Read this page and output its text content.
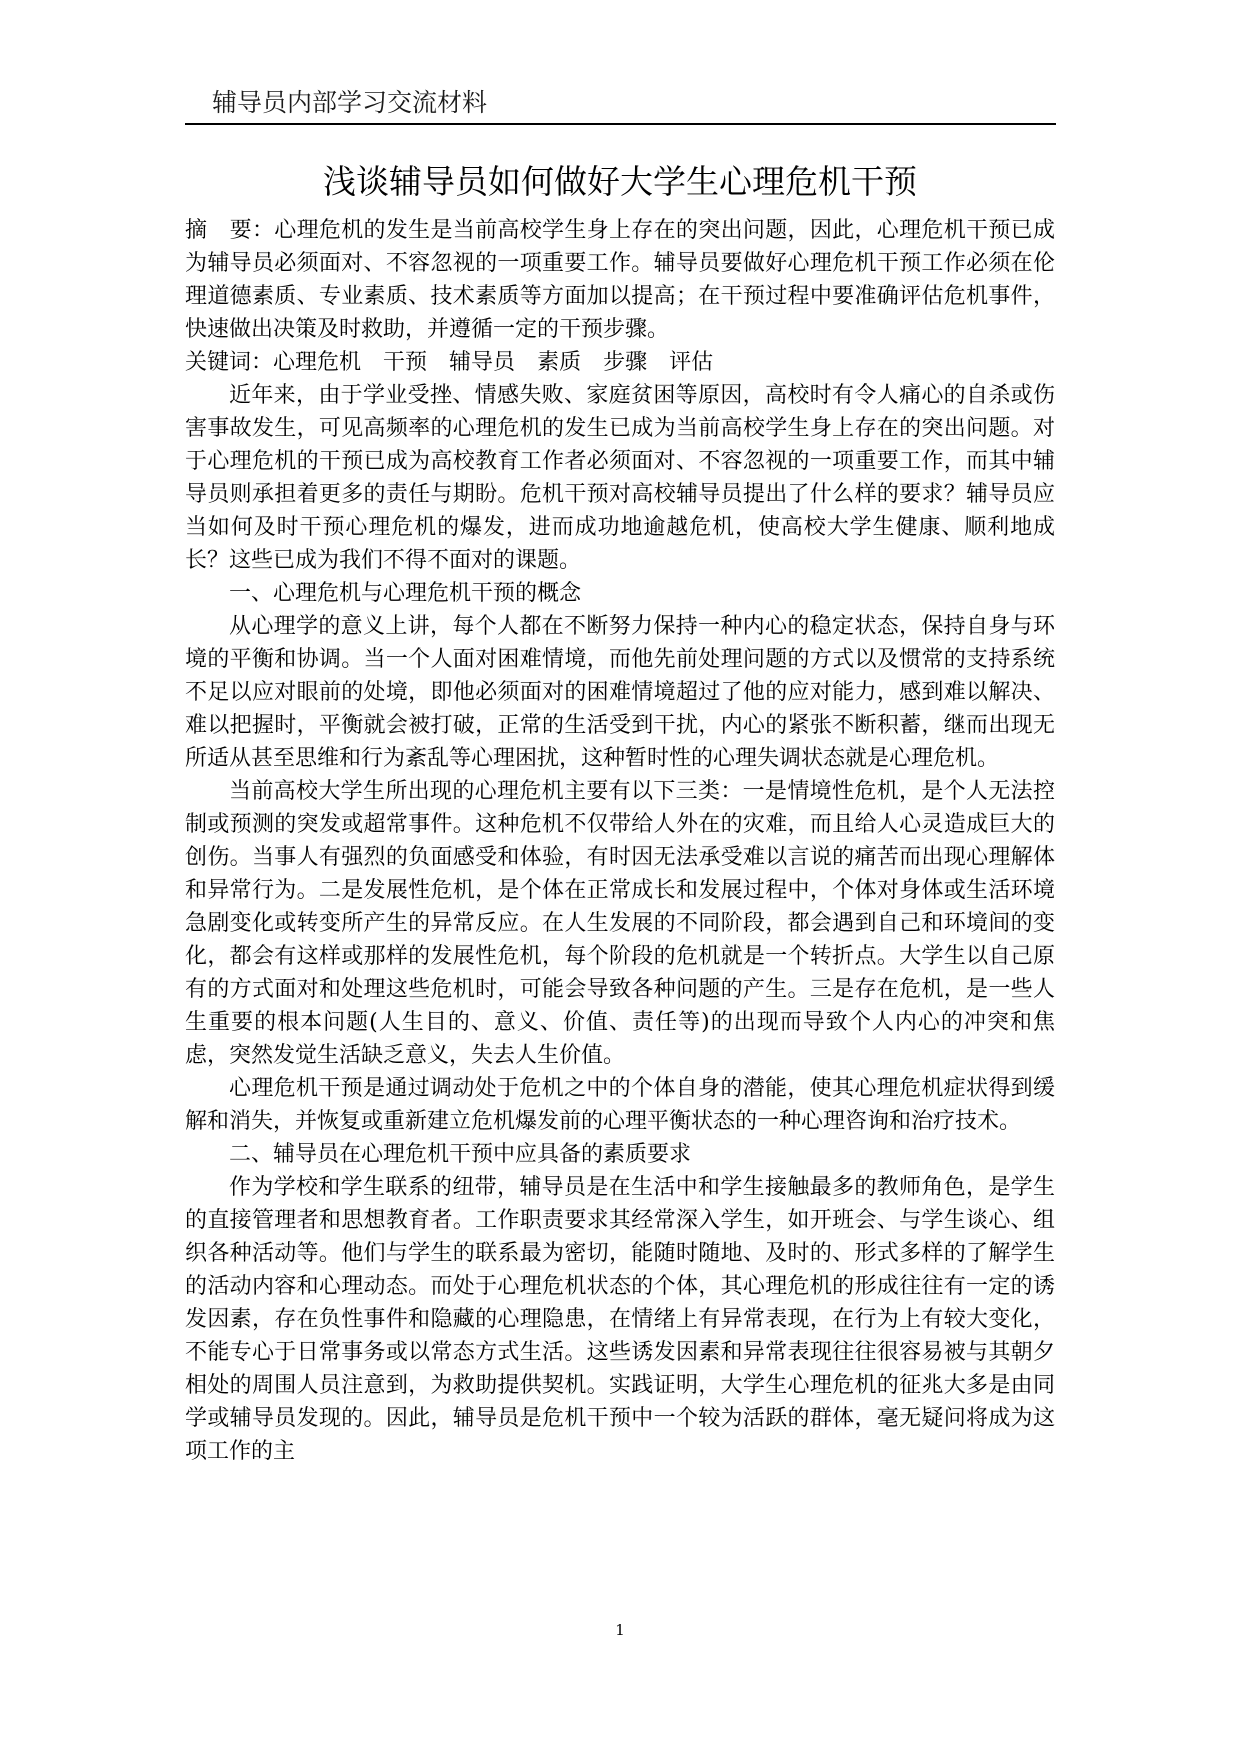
辅导员内部学习交流材料
浅谈辅导员如何做好大学生心理危机干预

摘　要：心理危机的发生是当前高校学生身上存在的突出问题，因此，心理危机干预已成为辅导员必须面对、不容忽视的一项重要工作。辅导员要做好心理危机干预工作必须在伦理道德素质、专业素质、技术素质等方面加以提高；在干预过程中要准确评估危机事件，快速做出决策及时救助，并遵循一定的干预步骤。

关键词：心理危机 干预 辅导员 素质 步骤 评估

近年来，由于学业受挫、情感失败、家庭贫困等原因，高校时有令人痛心的自杀或伤害事故发生，可见高频率的心理危机的发生已成为当前高校学生身上存在的突出问题。对于心理危机的干预已成为高校教育工作者必须面对、不容忽视的一项重要工作，而其中辅导员则承担着更多的责任与期盼。危机干预对高校辅导员提出了什么样的要求？辅导员应当如何及时干预心理危机的爆发，进而成功地逾越危机，使高校大学生健康、顺利地成长？这些已成为我们不得不面对的课题。

一、心理危机与心理危机干预的概念

从心理学的意义上讲，每个人都在不断努力保持一种内心的稳定状态，保持自身与环境的平衡和协调。当一个人面对困难情境，而他先前处理问题的方式以及惯常的支持系统不足以应对眼前的处境，即他必须面对的困难情境超过了他的应对能力，感到难以解决、难以把握时，平衡就会被打破，正常的生活受到干扰，内心的紧张不断积蓄，继而出现无所适从甚至思维和行为紊乱等心理困扰，这种暂时性的心理失调状态就是心理危机。

当前高校大学生所出现的心理危机主要有以下三类：一是情境性危机，是个人无法控制或预测的突发或超常事件。这种危机不仅带给人外在的灾难，而且给人心灵造成巨大的创伤。当事人有强烈的负面感受和体验，有时因无法承受难以言说的痛苦而出现心理解体和异常行为。二是发展性危机，是个体在正常成长和发展过程中，个体对身体或生活环境急剧变化或转变所产生的异常反应。在人生发展的不同阶段，都会遇到自己和环境间的变化，都会有这样或那样的发展性危机，每个阶段的危机就是一个转折点。大学生以自己原有的方式面对和处理这些危机时，可能会导致各种问题的产生。三是存在危机，是一些人生重要的根本问题(人生目的、意义、价值、责任等)的出现而导致个人内心的冲突和焦虑，突然发觉生活缺乏意义，失去人生价值。

心理危机干预是通过调动处于危机之中的个体自身的潜能，使其心理危机症状得到缓解和消失，并恢复或重新建立危机爆发前的心理平衡状态的一种心理咨询和治疗技术。

二、辅导员在心理危机干预中应具备的素质要求

作为学校和学生联系的纽带，辅导员是在生活中和学生接触最多的教师角色，是学生的直接管理者和思想教育者。工作职责要求其经常深入学生，如开班会、与学生谈心、组织各种活动等。他们与学生的联系最为密切，能随时随地、及时的、形式多样的了解学生的活动内容和心理动态。而处于心理危机状态的个体，其心理危机的形成往往有一定的诱发因素，存在负性事件和隐藏的心理隐患，在情绪上有异常表现，在行为上有较大变化，不能专心于日常事务或以常态方式生活。这些诱发因素和异常表现往往很容易被与其朝夕相处的周围人员注意到，为救助提供契机。实践证明，大学生心理危机的征兆大多是由同学或辅导员发现的。因此，辅导员是危机干预中一个较为活跃的群体，毫无疑问将成为这项工作的主

1
